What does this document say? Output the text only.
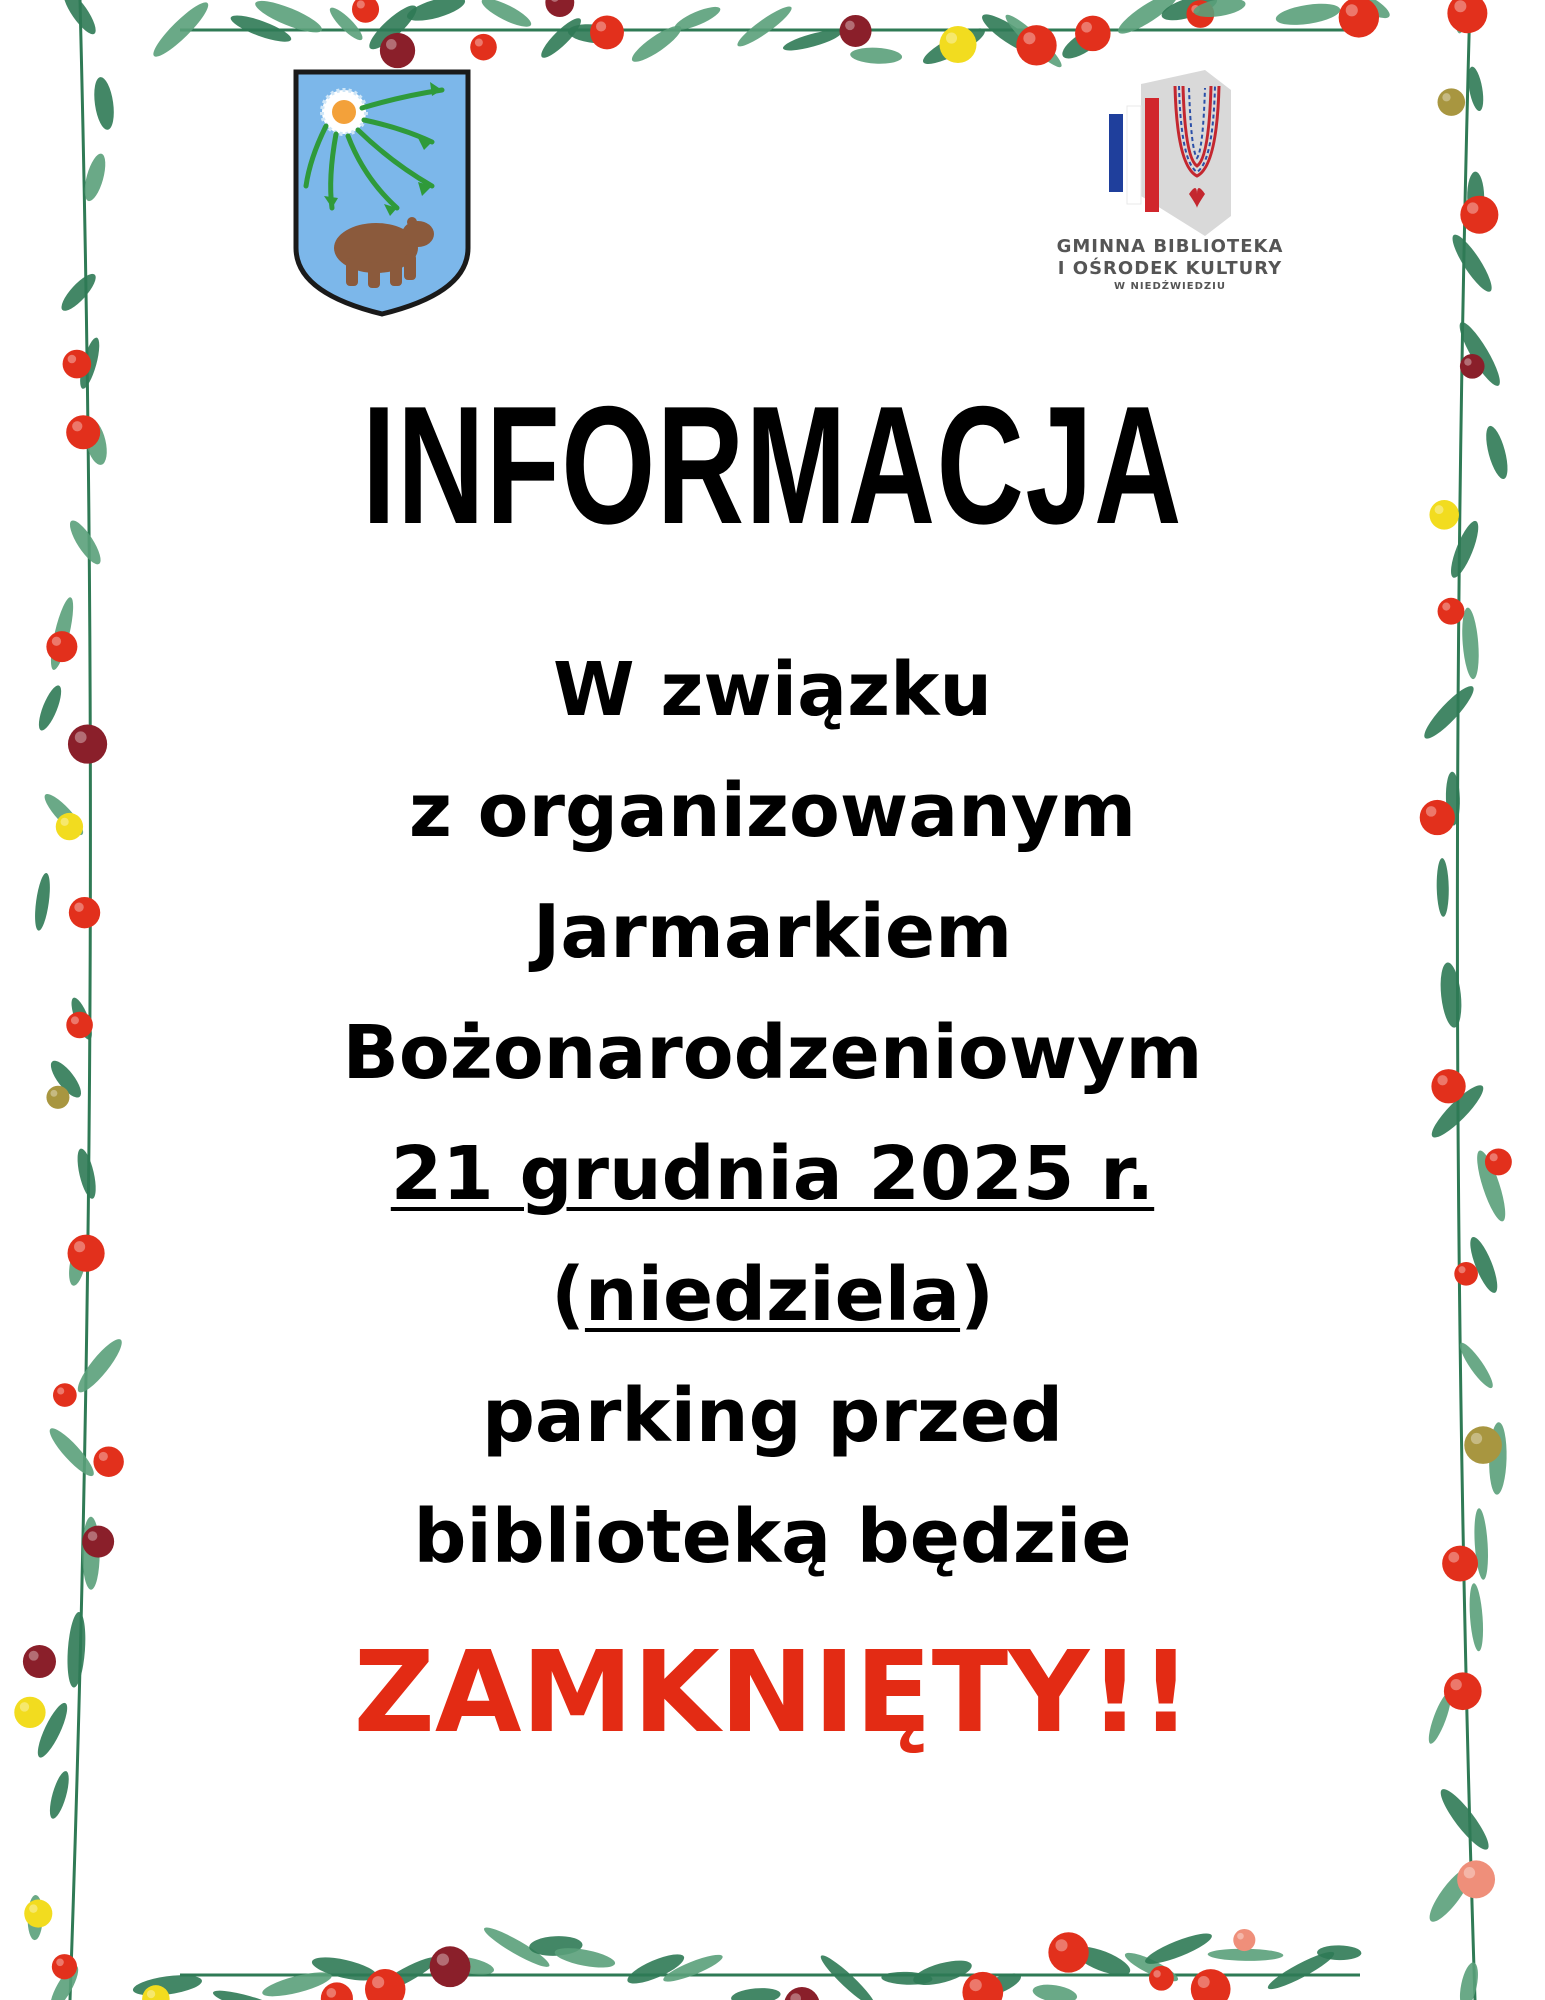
GMINNA BIBLIOTEKA
I OŚRODEK KULTURY
W NIEDŹWIEDZIU
INFORMACJA
W związku
z organizowanym
Jarmarkiem
Bożonarodzeniowym
21 grudnia 2025 r.
(niedziela)
parking przed
biblioteką będzie
ZAMKNIĘTY!!
